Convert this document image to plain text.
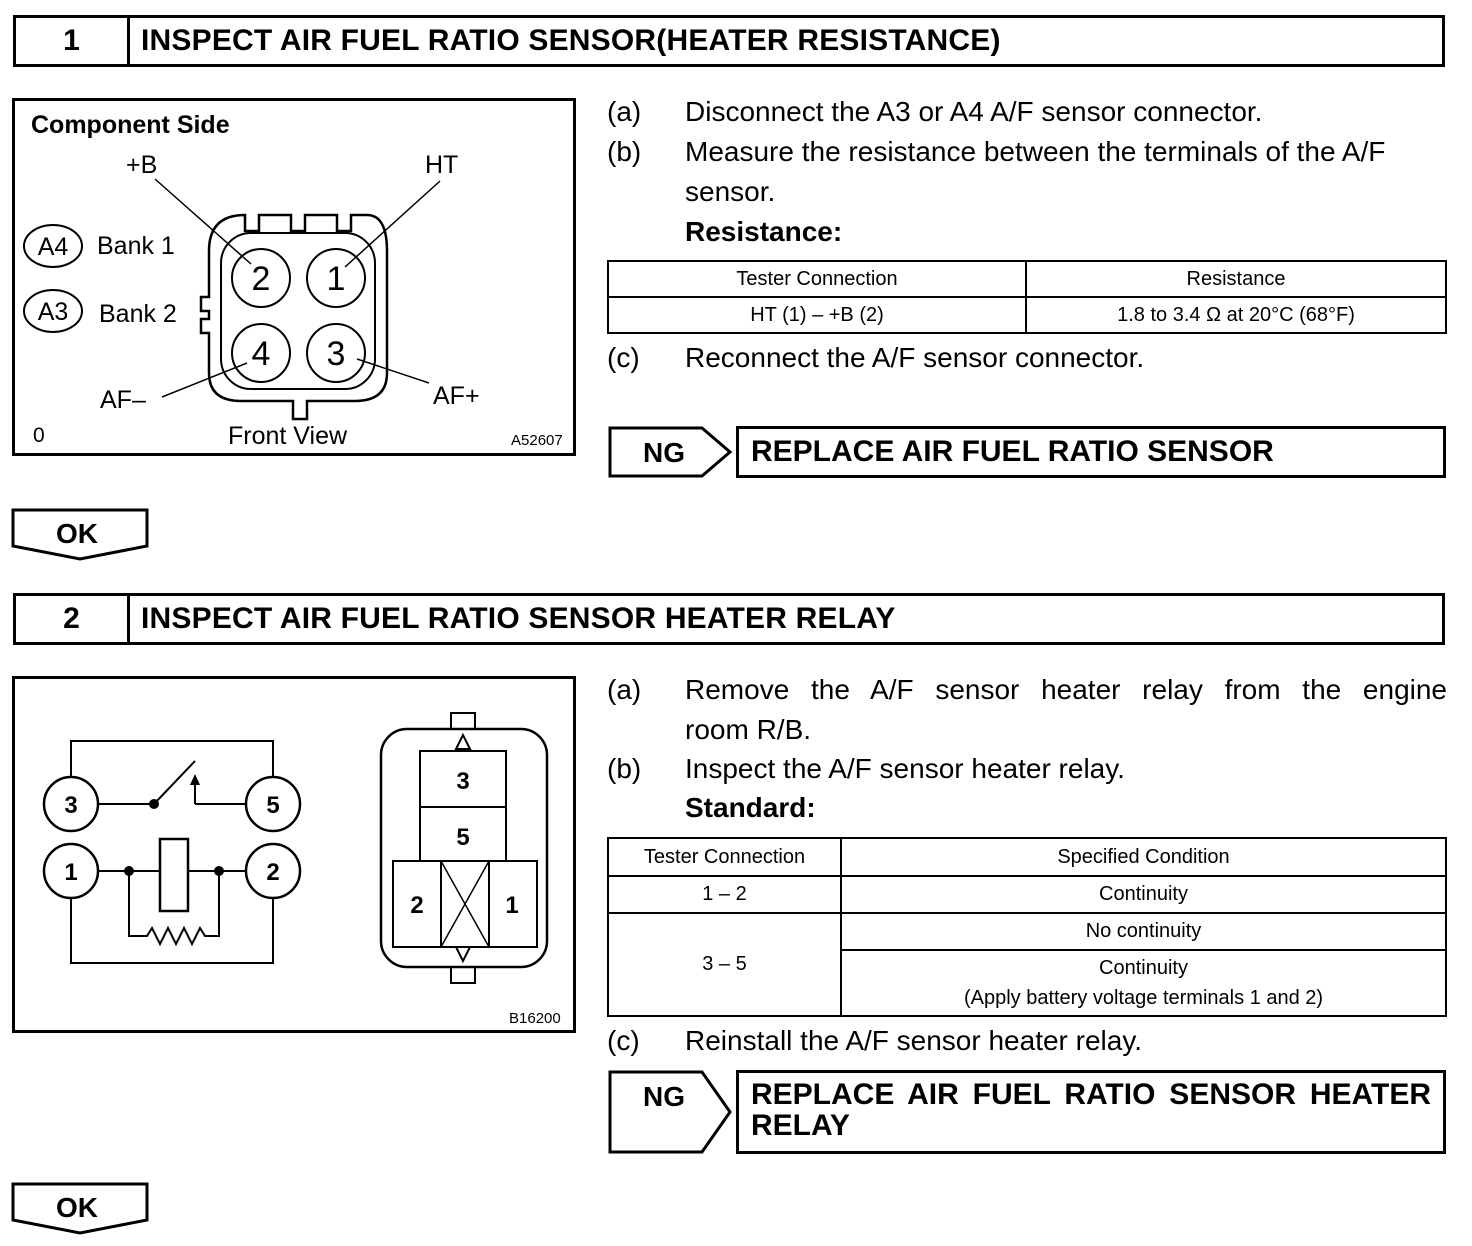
1	INSPECT AIR FUEL RATIO SENSOR(HEATER RESISTANCE)
Component Side
+B	HT
A4 Bank 1
A3 Bank 2
2 1
4 3
AF–	AF+
0	Front View	A52607
(a) Disconnect the A3 or A4 A/F sensor connector.
(b) Measure the resistance between the terminals of the A/F
sensor.
Resistance:
Tester Connection	Resistance
HT (1) – +B (2)	1.8 to 3.4 Ω at 20°C (68°F)
(c) Reconnect the A/F sensor connector.
NG	REPLACE AIR FUEL RATIO SENSOR
OK
2	INSPECT AIR FUEL RATIO SENSOR HEATER RELAY
3	5
1	2
3
5
2	1
B16200
(a) Remove the A/F sensor heater relay from the engine
room R/B.
(b) Inspect the A/F sensor heater relay.
Standard:
Tester Connection	Specified Condition
1 – 2	Continuity
3 – 5	No continuity

	Continuity
(Apply battery voltage terminals 1 and 2)
(c) Reinstall the A/F sensor heater relay.
NG REPLACE AIR FUEL RATIO SENSOR HEATER
RELAY
OK
